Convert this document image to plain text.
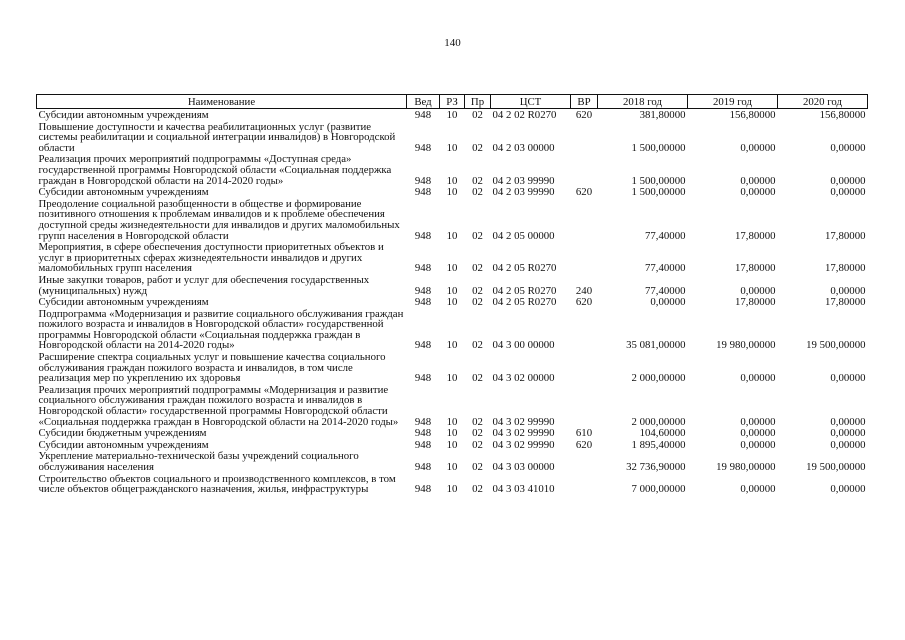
140
Наименование	Вед	РЗ	Пр	ЦСТ	ВР	2018 год	2019 год	2020 год
Субсидии автономным учреждениям	948	10	02	04 2 02 R0270	620	381,80000	156,80000	156,80000
Повышение доступности и качества реабилитационных услуг (развитие системы реабилитации и социальной интеграции инвалидов) в Новгородской области	948	10	02	04 2 03 00000		1 500,00000	0,00000	0,00000
Реализация прочих мероприятий подпрограммы «Доступная среда» государственной программы Новгородской области «Социальная поддержка граждан в Новгородской области на 2014-2020 годы»	948	10	02	04 2 03 99990		1 500,00000	0,00000	0,00000
Субсидии автономным учреждениям	948	10	02	04 2 03 99990	620	1 500,00000	0,00000	0,00000
Преодоление социальной разобщенности в обществе и формирование позитивного отношения к проблемам инвалидов и к проблеме обеспечения доступной среды жизнедеятельности для инвалидов и других маломобильных групп населения в Новгородской области	948	10	02	04 2 05 00000		77,40000	17,80000	17,80000
Мероприятия, в сфере обеспечения доступности приоритетных объектов и услуг в приоритетных сферах жизнедеятельности инвалидов и других маломобильных групп населения	948	10	02	04 2 05 R0270		77,40000	17,80000	17,80000
Иные закупки товаров, работ и услуг для обеспечения государственных (муниципальных) нужд	948	10	02	04 2 05 R0270	240	77,40000	0,00000	0,00000
Субсидии автономным учреждениям	948	10	02	04 2 05 R0270	620	0,00000	17,80000	17,80000
Подпрограмма «Модернизация и развитие социального обслуживания граждан пожилого возраста и инвалидов в Новгородской области» государственной программы Новгородской области «Социальная поддержка граждан в Новгородской области на 2014-2020 годы»	948	10	02	04 3 00 00000		35 081,00000	19 980,00000	19 500,00000
Расширение спектра социальных услуг и повышение качества социального обслуживания граждан пожилого возраста и инвалидов, в том числе реализация мер по укреплению их здоровья	948	10	02	04 3 02 00000		2 000,00000	0,00000	0,00000
Реализация прочих мероприятий подпрограммы «Модернизация и развитие социального обслуживания граждан пожилого возраста и инвалидов в Новгородской области» государственной программы Новгородской области «Социальная поддержка граждан в Новгородской области на 2014-2020 годы»	948	10	02	04 3 02 99990		2 000,00000	0,00000	0,00000
Субсидии бюджетным учреждениям	948	10	02	04 3 02 99990	610	104,60000	0,00000	0,00000
Субсидии автономным учреждениям	948	10	02	04 3 02 99990	620	1 895,40000	0,00000	0,00000
Укрепление материально-технической базы учреждений социального обслуживания населения	948	10	02	04 3 03 00000		32 736,90000	19 980,00000	19 500,00000
Строительство объектов социального и производственного комплексов, в том числе объектов общегражданского назначения, жилья, инфраструктуры	948	10	02	04 3 03 41010		7 000,00000	0,00000	0,00000
